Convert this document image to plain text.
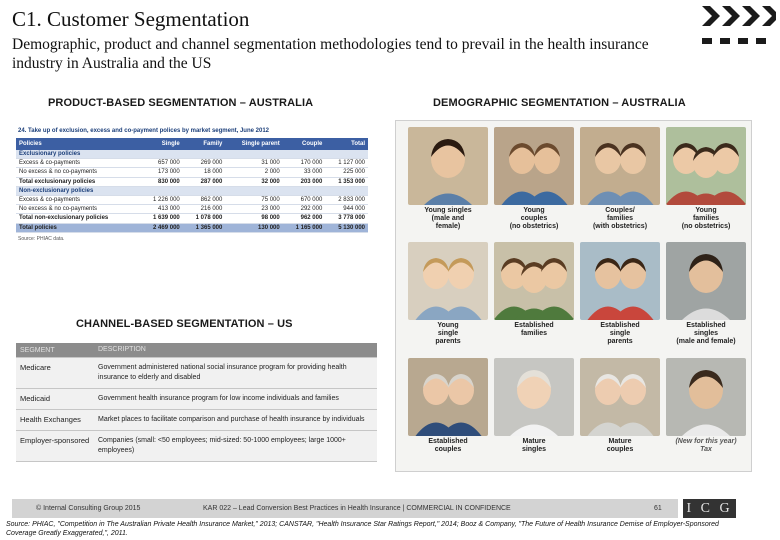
C1. Customer Segmentation
Demographic, product and channel segmentation methodologies tend to prevail in the health insurance industry in Australia and the US
PRODUCT-BASED SEGMENTATION – AUSTRALIA	DEMOGRAPHIC SEGMENTATION – AUSTRALIA
CHANNEL-BASED SEGMENTATION – US
24. Take up of exclusion, excess and co-payment polices by market segment, June 2012
Policies	Single	Family	Single parent	Couple	Total
Exclusionary policies					
Excess & co-payments	657 000	269 000	31 000	170 000	1 127 000
No excess & no co-payments	173 000	18 000	2 000	33 000	225 000
Total exclusionary policies	830 000	287 000	32 000	203 000	1 353 000
Non-exclusionary policies					
Excess & co-payments	1 226 000	862 000	75 000	670 000	2 833 000
No excess & no co-payments	413 000	216 000	23 000	292 000	944 000
Total non-exclusionary policies	1 639 000	1 078 000	98 000	962 000	3 778 000
Total policies	2 469 000	1 365 000	130 000	1 165 000	5 130 000
Source: PHIAC data.
Young singles
(male and
female)
Young
couples
(no obstetrics)
Couples/
families
(with obstetrics)
Young
families
(no obstetrics)
Young
single
parents
Established
families
Established
single
parents
Established
singles
(male and female)
Established
couples
Mature
singles
Mature
couples
(New for this year)
Tax
SEGMENT	DESCRIPTION
Medicare	Government administered national social insurance program for providing health insurance to elderly and disabled
Medicaid	Government health insurance program for low income individuals and families
Health Exchanges	Market places to facilitate comparison and purchase of health insurance by individuals
Employer-sponsored	Companies (small: <50 employees; mid-sized: 50-1000 employees; large 1000+ employees)
© Internal Consulting Group 2015	KAR 022 – Lead Conversion Best Practices in Health Insurance | COMMERCIAL IN CONFIDENCE	61 I C G
Source: PHIAC, "Competition in The Australian Private Health Insurance Market," 2013; CANSTAR, "Health Insurance Star Ratings Report," 2014; Booz & Company, "The Future of Health Insurance Demise of Employer-Sponsored Coverage Greatly Exaggerated,", 2011.
